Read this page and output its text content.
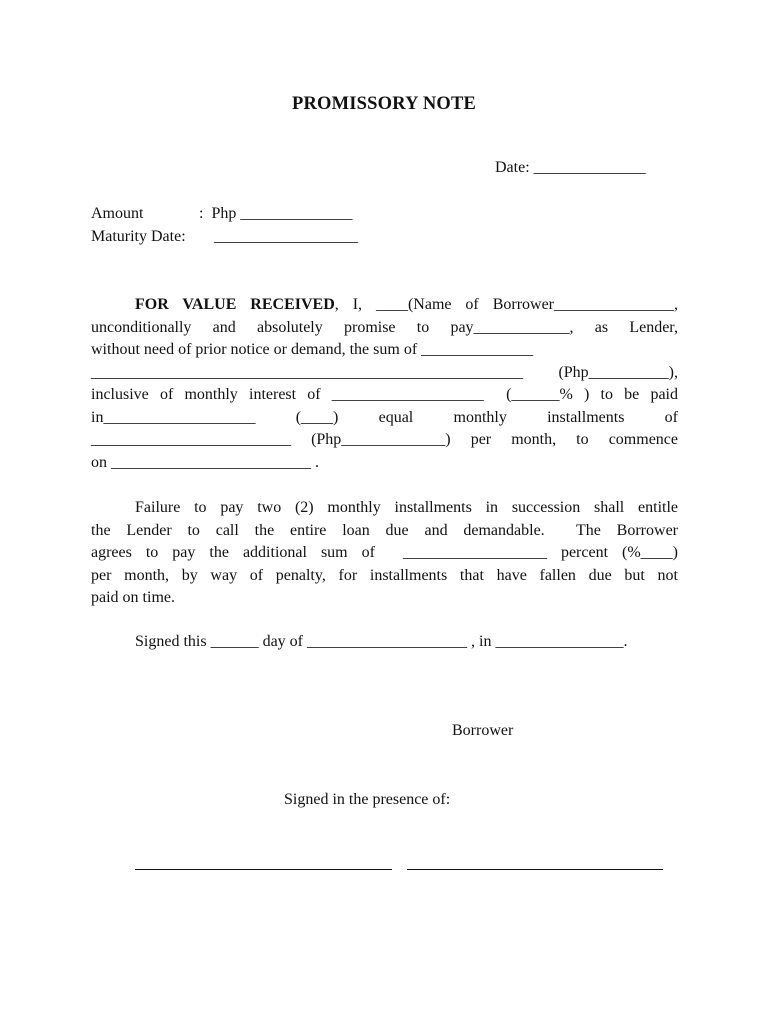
PROMISSORY NOTE
Date: ______________
Amount	:  Php ______________
Maturity Date: __________________
FOR VALUE RECEIVED, I, ____(Name of Borrower_______________,
unconditionally and absolutely promise to pay____________, as Lender,
without need of prior notice or demand, the sum of ______________
______________________________________________________  (Php__________),
inclusive of monthly interest of ___________________  (______% ) to be paid
in___________________  (____)  equal  monthly  installments  of
_________________________ (Php_____________) per month, to commence
on _________________________ .
Failure to pay two (2) monthly installments in succession shall entitle
the Lender to call the entire loan due and demandable.  The Borrower
agrees to pay the additional sum of  __________________ percent (%____)
per month, by way of penalty, for installments that have fallen due but not
paid on time.
Signed this ______ day of ____________________ , in ________________.
Borrower
Signed in the presence of:
